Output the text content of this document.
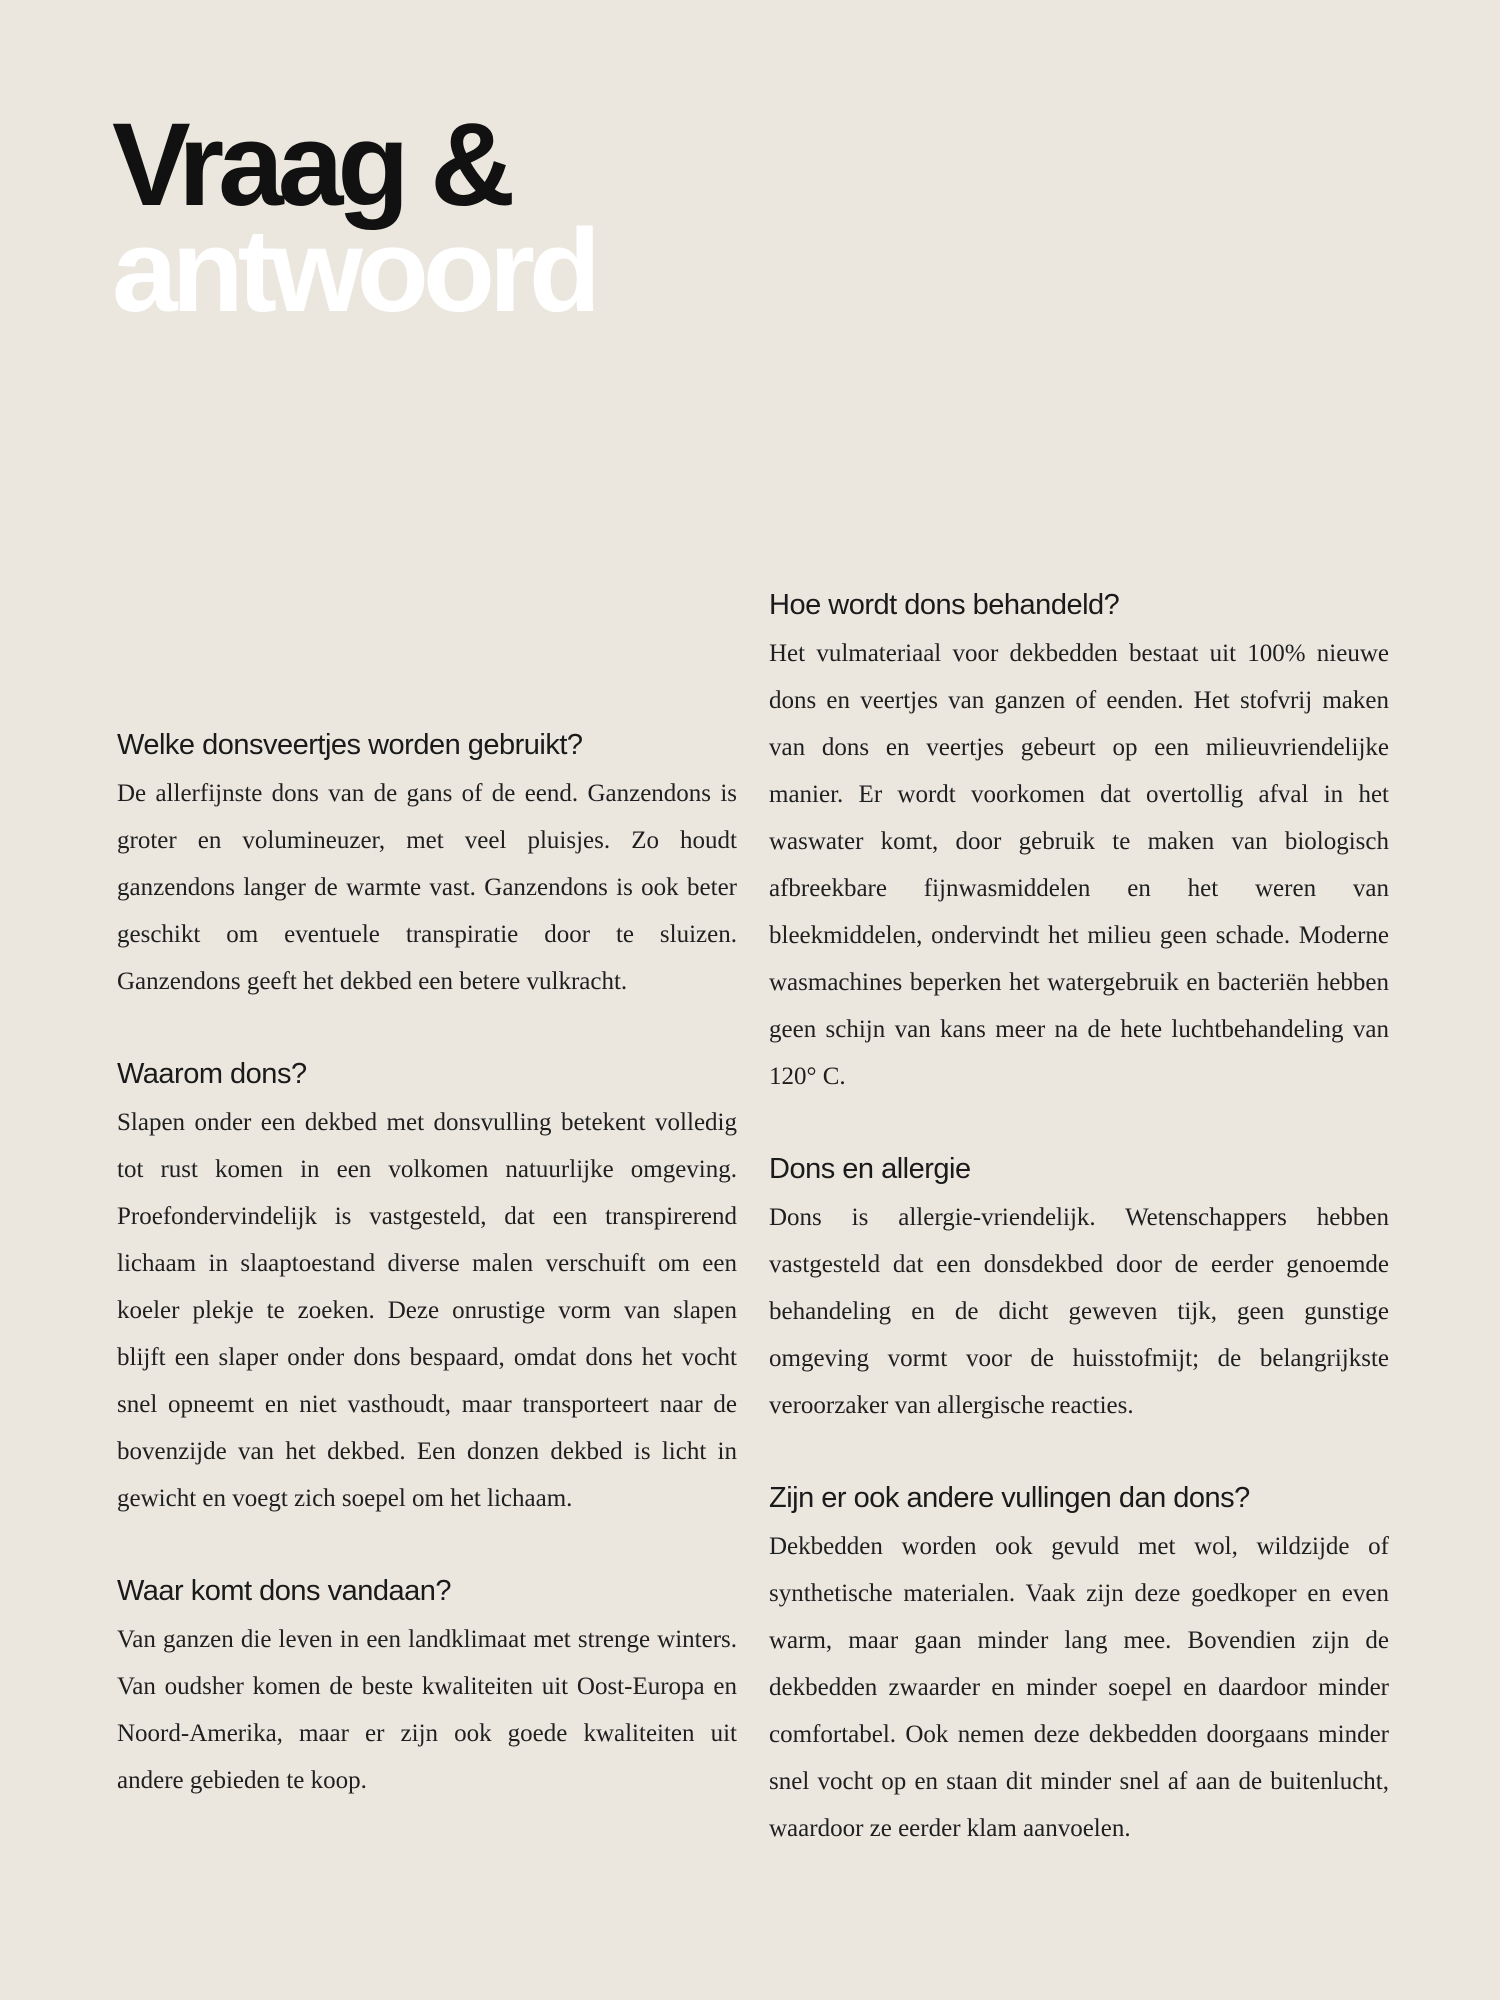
Vraag &
antwoord
Welke donsveertjes worden gebruikt?

De allerfijnste dons van de gans of de eend. Ganzendons is groter en volumineuzer, met veel pluisjes. Zo houdt ganzendons langer de warmte vast. Ganzendons is ook beter geschikt om eventuele transpiratie door te sluizen. Ganzendons geeft het dekbed een betere vulkracht.

Waarom dons?

Slapen onder een dekbed met donsvulling betekent volledig tot rust komen in een volkomen natuurlijke omgeving. Proefondervindelijk is vastgesteld, dat een transpirerend lichaam in slaaptoestand diverse malen verschuift om een koeler plekje te zoeken. Deze onrustige vorm van slapen blijft een slaper onder dons bespaard, omdat dons het vocht snel opneemt en niet vasthoudt, maar transporteert naar de bovenzijde van het dekbed. Een donzen dekbed is licht in gewicht en voegt zich soepel om het lichaam.

Waar komt dons vandaan?

Van ganzen die leven in een landklimaat met strenge winters. Van oudsher komen de beste kwaliteiten uit Oost-Europa en Noord-Amerika, maar er zijn ook goede kwaliteiten uit andere gebieden te koop.

Hoe wordt dons behandeld?

Het vulmateriaal voor dekbedden bestaat uit 100% nieuwe dons en veertjes van ganzen of eenden. Het stofvrij maken van dons en veertjes gebeurt op een milieuvriendelijke manier. Er wordt voorkomen dat overtollig afval in het waswater komt, door gebruik te maken van biologisch afbreekbare fijnwasmiddelen en het weren van bleekmiddelen, ondervindt het milieu geen schade. Moderne wasmachines beperken het watergebruik en bacteriën hebben geen schijn van kans meer na de hete luchtbehandeling van 120° C.

Dons en allergie

Dons is allergie-vriendelijk. Wetenschappers hebben vastgesteld dat een donsdekbed door de eerder genoemde behandeling en de dicht geweven tijk, geen gunstige omgeving vormt voor de huisstofmijt; de belangrijkste veroorzaker van allergische reacties.

Zijn er ook andere vullingen dan dons?

Dekbedden worden ook gevuld met wol, wildzijde of synthetische materialen. Vaak zijn deze goedkoper en even warm, maar gaan minder lang mee. Bovendien zijn de dekbedden zwaarder en minder soepel en daardoor minder comfortabel. Ook nemen deze dekbedden doorgaans minder snel vocht op en staan dit minder snel af aan de buitenlucht, waardoor ze eerder klam aanvoelen.
